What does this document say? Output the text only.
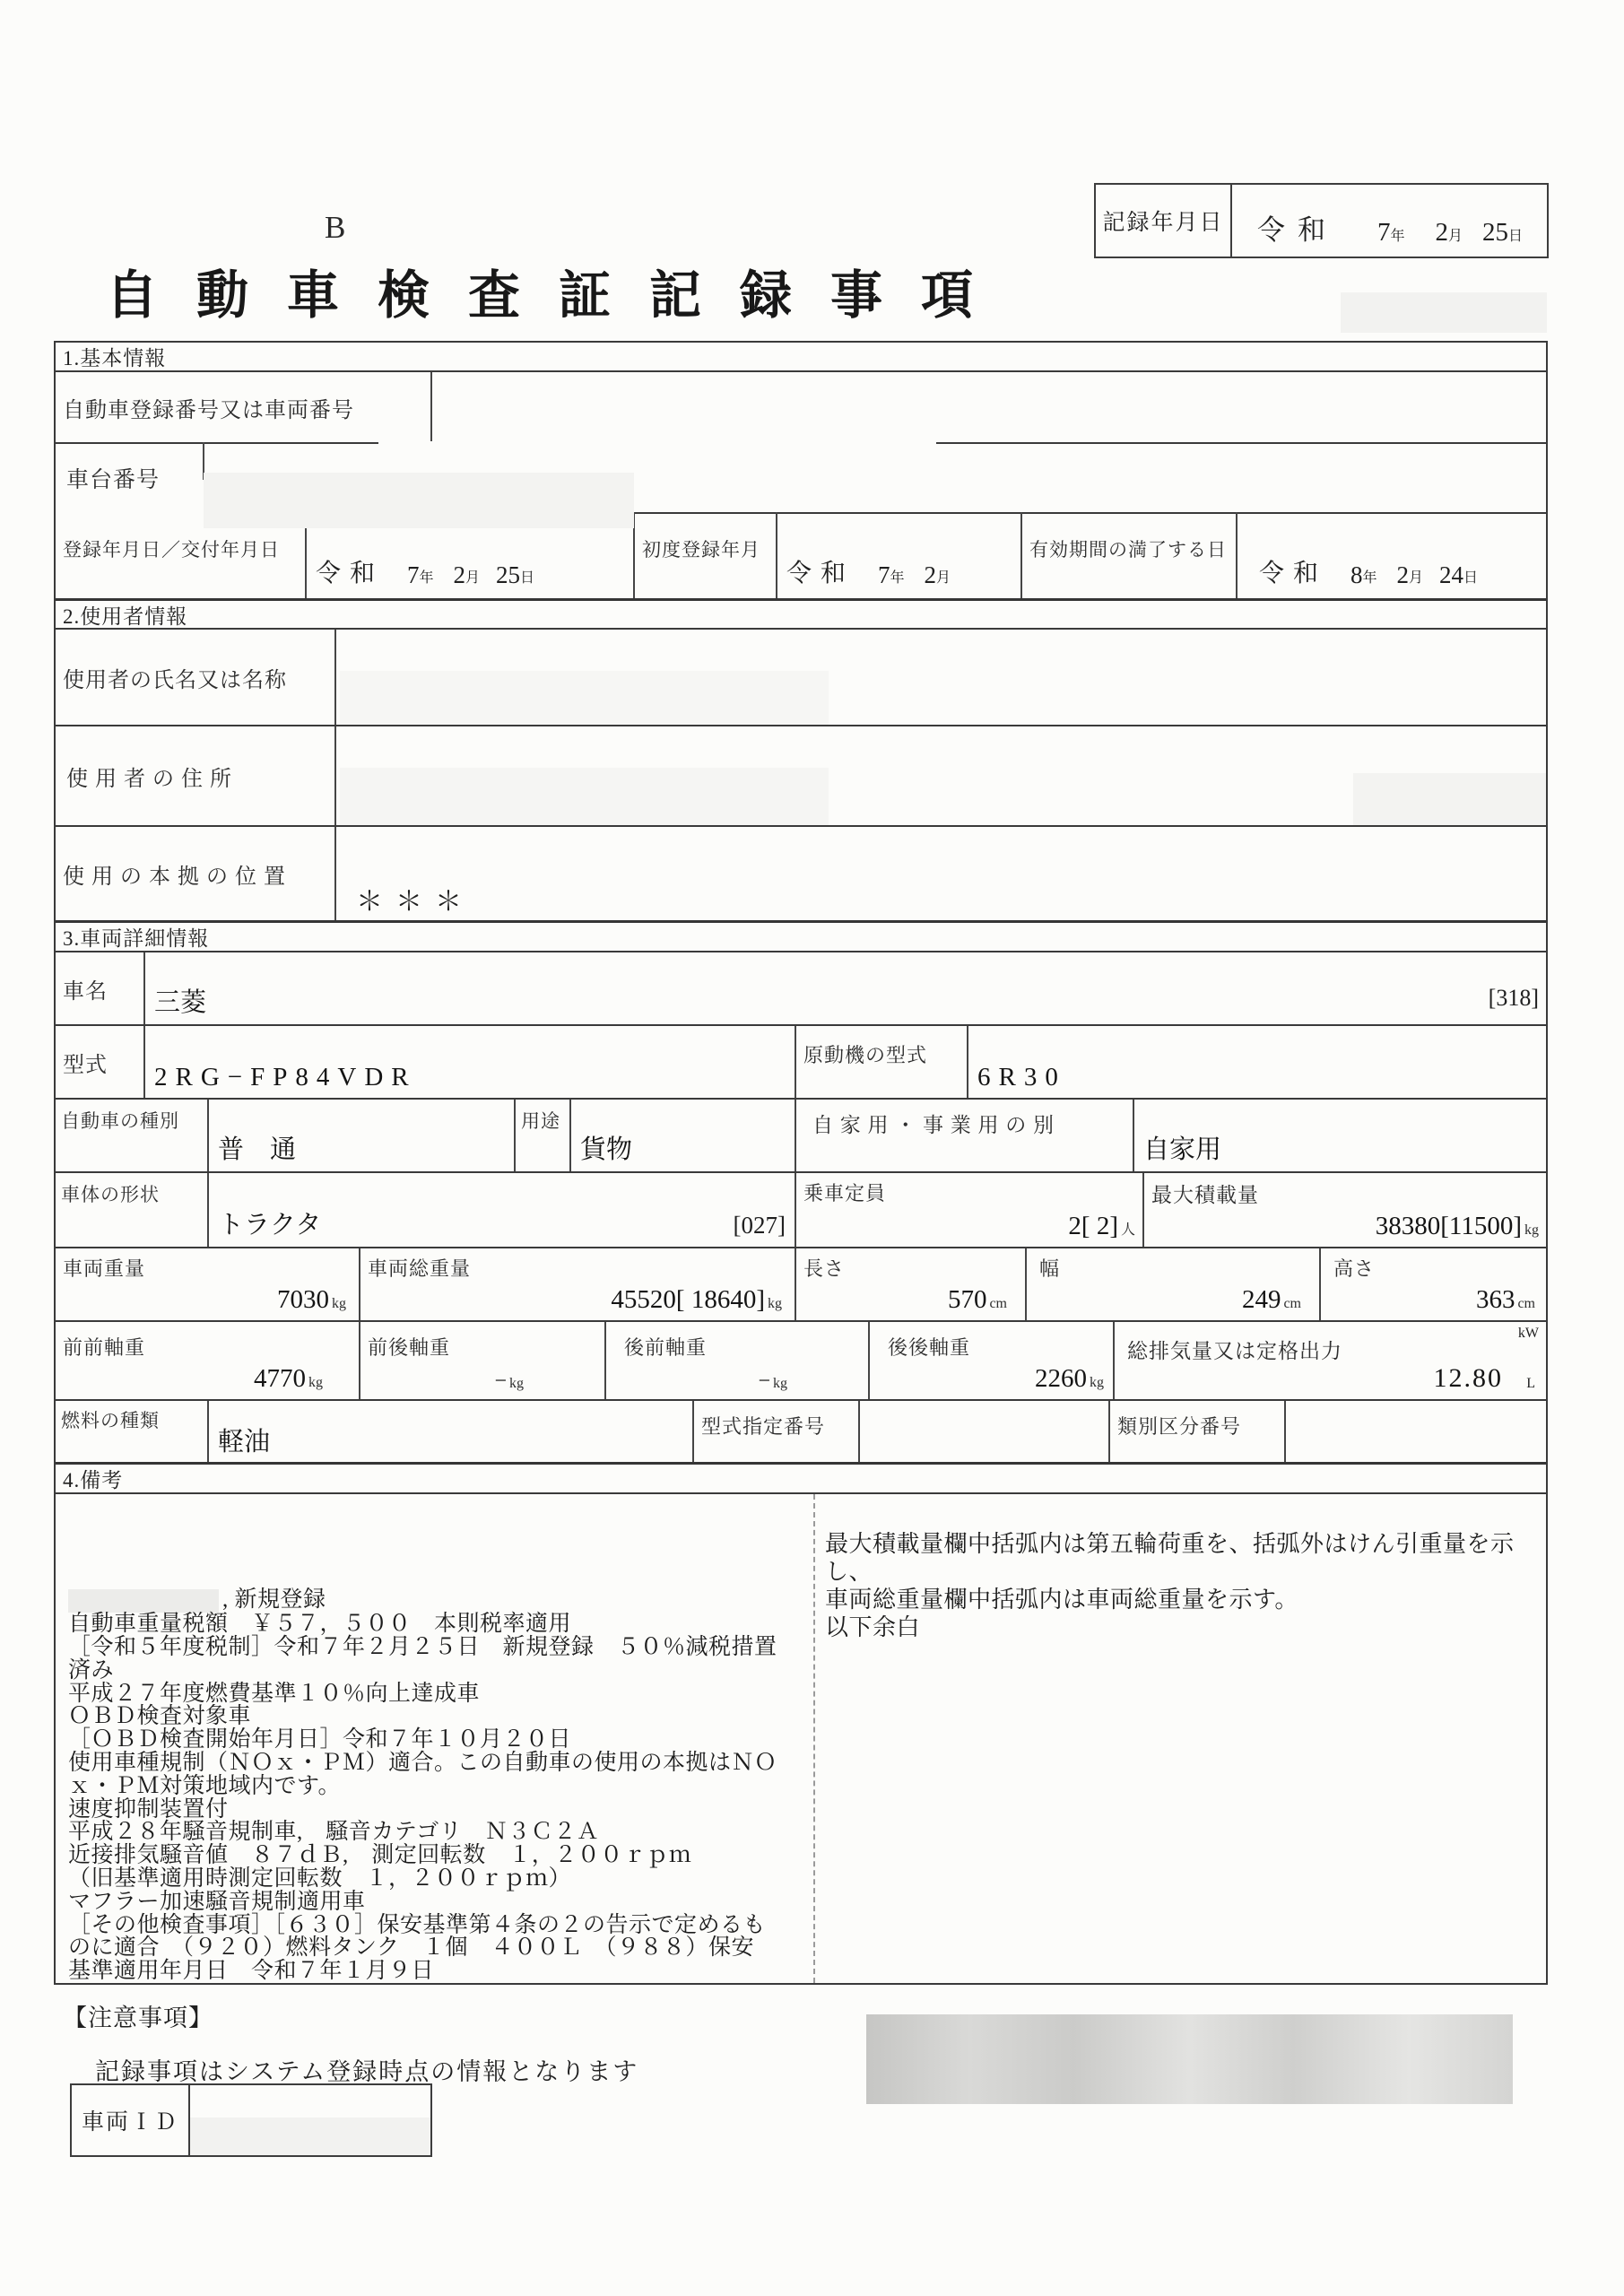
記録年月日	令和 7 年 2 月 25 日
B
自動車検査証記録事項
1.基本情報
自動車登録番号又は車両番号
車台番号
登録年月日／交付年月日
令和 7 年 2 月 25 日
初度登録年月
令和 7 年 2 月
有効期間の満了する日
令和 8 年 2 月 24 日
2.使用者情報
使用者の氏名又は名称
使 用 者 の 住 所
使 用 の 本 拠 の 位 置
＊＊＊
3.車両詳細情報
車名 三菱	[318]
型式 2RG−FP84VDR
原動機の型式
6R30
自動車の種別
普　通
用途
貨物
自 家 用 ・ 事 業 用 の 別
自家用
車体の形状
トラクタ	[027]
乗車定員
2[ 2] 人
最大積載量
38380[11500] kg
車両重量
7030 kg
車両総重量
45520[ 18640] kg
長さ
570 cm
幅
249 cm
高さ
363 cm
前前軸重
4770 kg
前後軸重
− kg
後前軸重
− kg
後後軸重
2260 kg
総排気量又は定格出力
kW
12.80 L
燃料の種類
軽油
型式指定番号	類別区分番号
4.備考
最大積載量欄中括弧内は第五輪荷重を、括弧外はけん引重量を示し、
車両総重量欄中括弧内は車両総重量を示す。
以下余白
, 新規登録
自動車重量税額　￥５７，５００　本則税率適用
［令和５年度税制］令和７年２月２５日　新規登録　５０％減税措置
済み
平成２７年度燃費基準１０％向上達成車
ＯＢＤ検査対象車
［ＯＢＤ検査開始年月日］令和７年１０月２０日
使用車種規制（ＮＯｘ・ＰＭ）適合。この自動車の使用の本拠はＮＯ
ｘ・ＰＭ対策地域内です。
速度抑制装置付
平成２８年騒音規制車,　騒音カテゴリ　Ｎ３Ｃ２Ａ
近接排気騒音値　８７ｄＢ,　測定回転数　１，２００ｒｐｍ
（旧基準適用時測定回転数　１，２００ｒｐｍ）
マフラー加速騒音規制適用車
［その他検査事項］［６３０］保安基準第４条の２の告示で定めるも
のに適合　（９２０）燃料タンク　１個　４００Ｌ　（９８８）保安
基準適用年月日　令和７年１月９日
【注意事項】
記録事項はシステム登録時点の情報となります
車両ＩＤ
